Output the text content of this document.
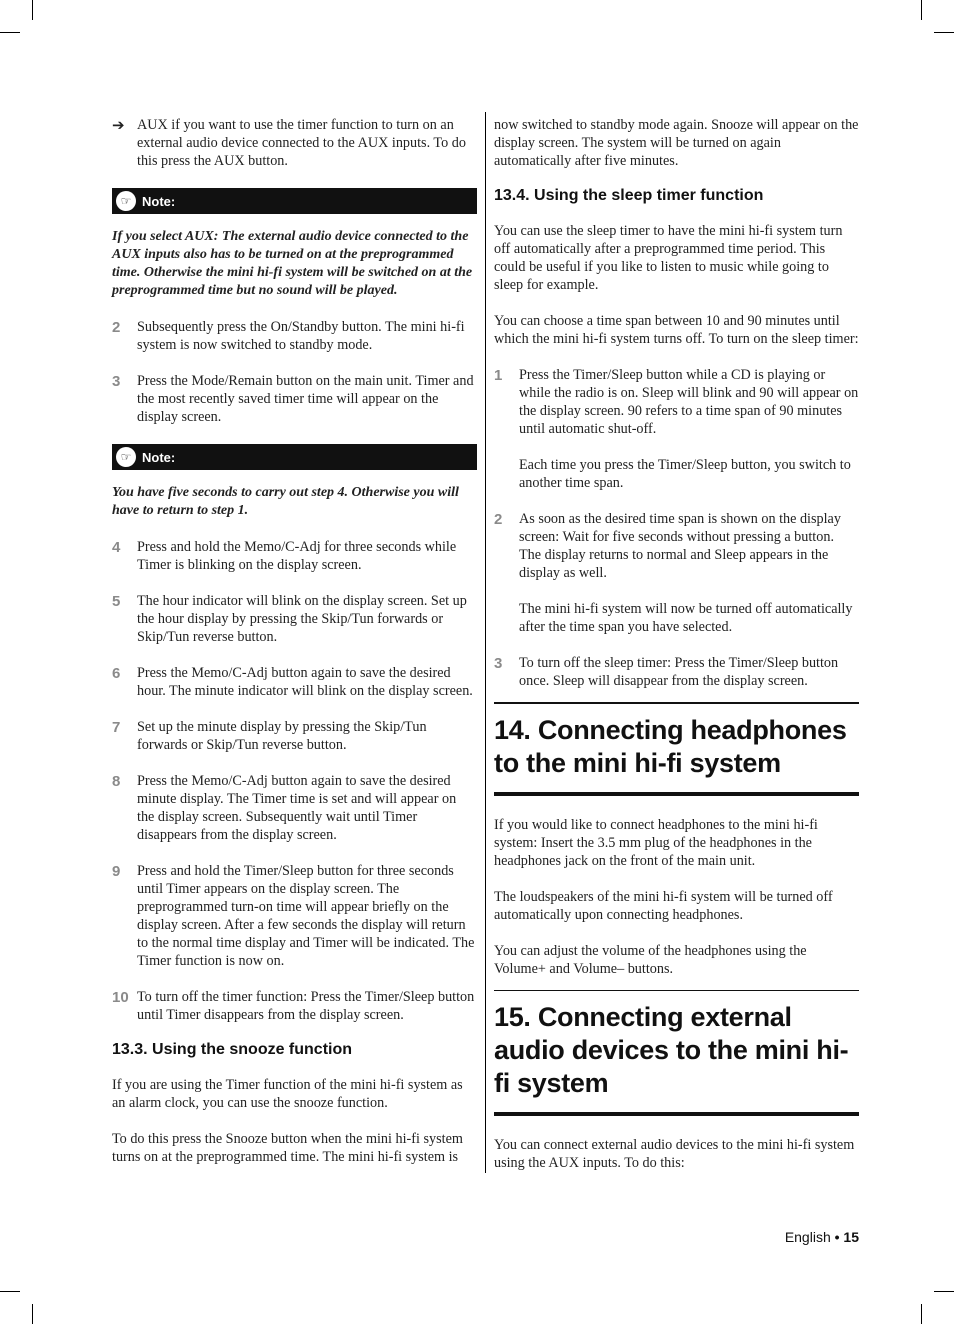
➔ AUX if you want to use the timer function to turn on an external audio device connected to the AUX inputs. To do this press the AUX button.

☞ Note:

If you select AUX: The external audio device connected to the AUX inputs also has to be turned on at the preprogrammed time. Otherwise the mini hi-fi system will be switched on at the preprogrammed time but no sound will be played.

2	Subsequently press the On/Standby button. The mini hi-fi system is now switched to standby mode.

3	Press the Mode/Remain button on the main unit. Timer and the most recently saved timer time will appear on the display screen.

☞ Note:

You have five seconds to carry out step 4. Otherwise you will have to return to step 1.

4	Press and hold the Memo/C-Adj for three seconds while Timer is blinking on the display screen.

5	The hour indicator will blink on the display screen. Set up the hour display by pressing the Skip/Tun forwards or Skip/Tun reverse button.

6	Press the Memo/C-Adj button again to save the desired hour. The minute indicator will blink on the display screen.

7	Set up the minute display by pressing the Skip/Tun forwards or Skip/Tun reverse button.

8	Press the Memo/C-Adj button again to save the desired minute display. The Timer time is set and will appear on the display screen. Subsequently wait until Timer disappears from the display screen.

9	Press and hold the Timer/Sleep button for three seconds until Timer appears on the display screen. The preprogrammed turn-on time will appear briefly on the display screen. After a few seconds the display will return to the normal time display and Timer will be indicated. The Timer function is now on.

10 To turn off the timer function: Press the Timer/Sleep button until Timer disappears from the display screen.

13.3. Using the snooze function

If you are using the Timer function of the mini hi-fi system as an alarm clock, you can use the snooze function.

To do this press the Snooze button when the mini hi-fi system turns on at the preprogrammed time. The mini hi-fi system is

now switched to standby mode again. Snooze will appear on the display screen. The system will be turned on again automatically after five minutes.

13.4. Using the sleep timer function

You can use the sleep timer to have the mini hi-fi system turn off automatically after a preprogrammed time period. This could be useful if you like to listen to music while going to sleep for example.

You can choose a time span between 10 and 90 minutes until which the mini hi-fi system turns off. To turn on the sleep timer:

1	Press the Timer/Sleep button while a CD is playing or while the radio is on. Sleep will blink and 90 will appear on the display screen. 90 refers to a time span of 90 minutes until automatic shut-off.

Each time you press the Timer/Sleep button, you switch to another time span.

2	As soon as the desired time span is shown on the display screen: Wait for five seconds without pressing a button. The display returns to normal and Sleep appears in the display as well.

The mini hi-fi system will now be turned off automatically after the time span you have selected.

3	To turn off the sleep timer: Press the Timer/Sleep button once. Sleep will disappear from the display screen.

14. Connecting headphones to the mini hi-fi system

If you would like to connect headphones to the mini hi-fi system: Insert the 3.5 mm plug of the headphones in the headphones jack on the front of the main unit.

The loudspeakers of the mini hi-fi system will be turned off automatically upon connecting headphones.

You can adjust the volume of the headphones using the Volume+ and Volume– buttons.

15. Connecting external audio devices to the mini hi-fi system

You can connect external audio devices to the mini hi-fi system using the AUX inputs. To do this:

English • 15
